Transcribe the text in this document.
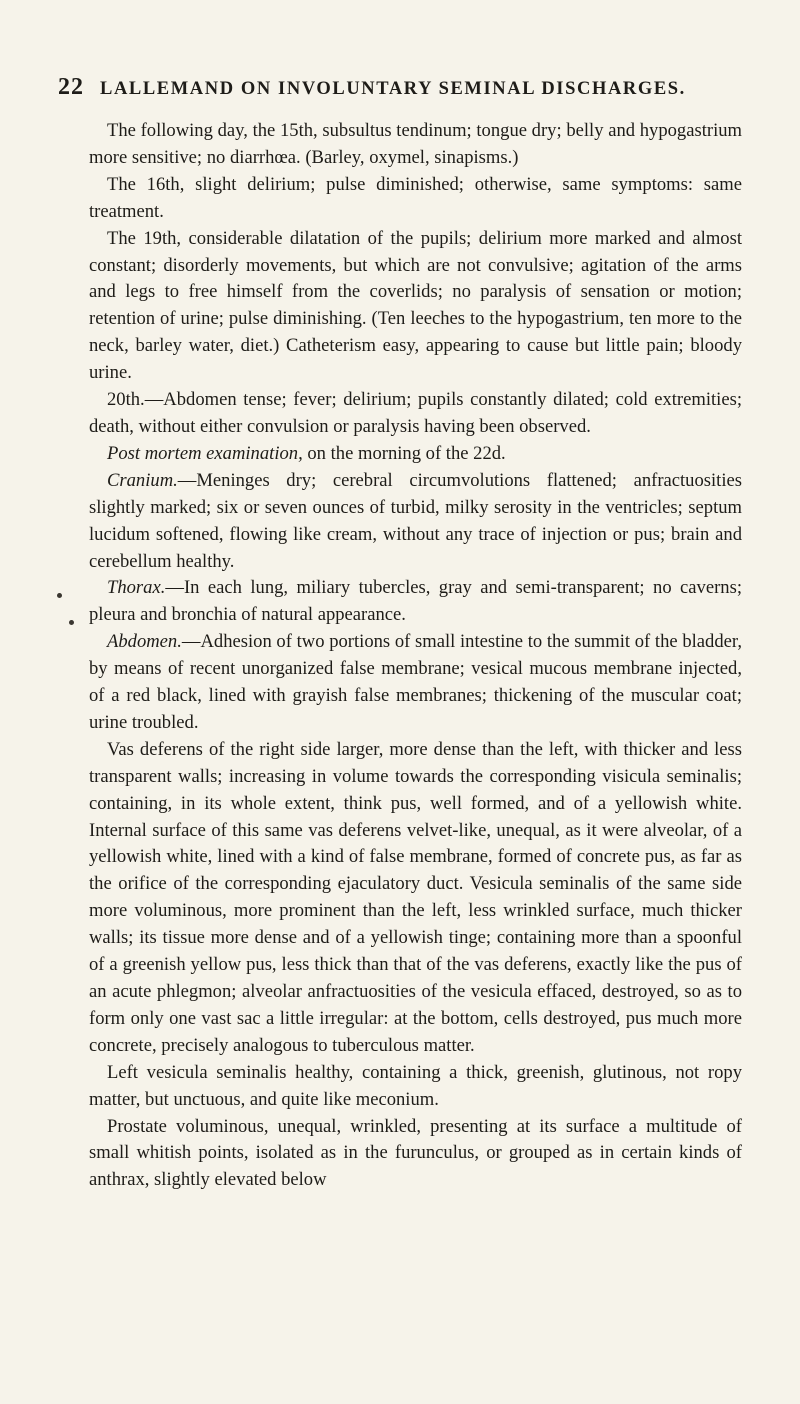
22 LALLEMAND ON INVOLUNTARY SEMINAL DISCHARGES.

The following day, the 15th, subsultus tendinum; tongue dry; belly and hypogastrium more sensitive; no diarrhœa. (Barley, oxymel, sinapisms.)

The 16th, slight delirium; pulse diminished; otherwise, same symptoms: same treatment.

The 19th, considerable dilatation of the pupils; delirium more marked and almost constant; disorderly movements, but which are not convulsive; agitation of the arms and legs to free himself from the coverlids; no paralysis of sensation or motion; retention of urine; pulse diminishing. (Ten leeches to the hypogastrium, ten more to the neck, barley water, diet.) Catheterism easy, appearing to cause but little pain; bloody urine.

20th.—Abdomen tense; fever; delirium; pupils constantly dilated; cold extremities; death, without either convulsion or paralysis having been observed.

Post mortem examination, on the morning of the 22d.

Cranium.—Meninges dry; cerebral circumvolutions flattened; anfractuosities slightly marked; six or seven ounces of turbid, milky serosity in the ventricles; septum lucidum softened, flowing like cream, without any trace of injection or pus; brain and cerebellum healthy.

Thorax.—In each lung, miliary tubercles, gray and semi-transparent; no caverns; pleura and bronchia of natural appearance.

Abdomen.—Adhesion of two portions of small intestine to the summit of the bladder, by means of recent unorganized false membrane; vesical mucous membrane injected, of a red black, lined with grayish false membranes; thickening of the muscular coat; urine troubled.

Vas deferens of the right side larger, more dense than the left, with thicker and less transparent walls; increasing in volume towards the corresponding visicula seminalis; containing, in its whole extent, think pus, well formed, and of a yellowish white. Internal surface of this same vas deferens velvet-like, unequal, as it were alveolar, of a yellowish white, lined with a kind of false membrane, formed of concrete pus, as far as the orifice of the corresponding ejaculatory duct. Vesicula seminalis of the same side more voluminous, more prominent than the left, less wrinkled surface, much thicker walls; its tissue more dense and of a yellowish tinge; containing more than a spoonful of a greenish yellow pus, less thick than that of the vas deferens, exactly like the pus of an acute phlegmon; alveolar anfractuosities of the vesicula effaced, destroyed, so as to form only one vast sac a little irregular: at the bottom, cells destroyed, pus much more concrete, precisely analogous to tuberculous matter.

Left vesicula seminalis healthy, containing a thick, greenish, glutinous, not ropy matter, but unctuous, and quite like meconium.

Prostate voluminous, unequal, wrinkled, presenting at its surface a multitude of small whitish points, isolated as in the furunculus, or grouped as in certain kinds of anthrax, slightly elevated below
